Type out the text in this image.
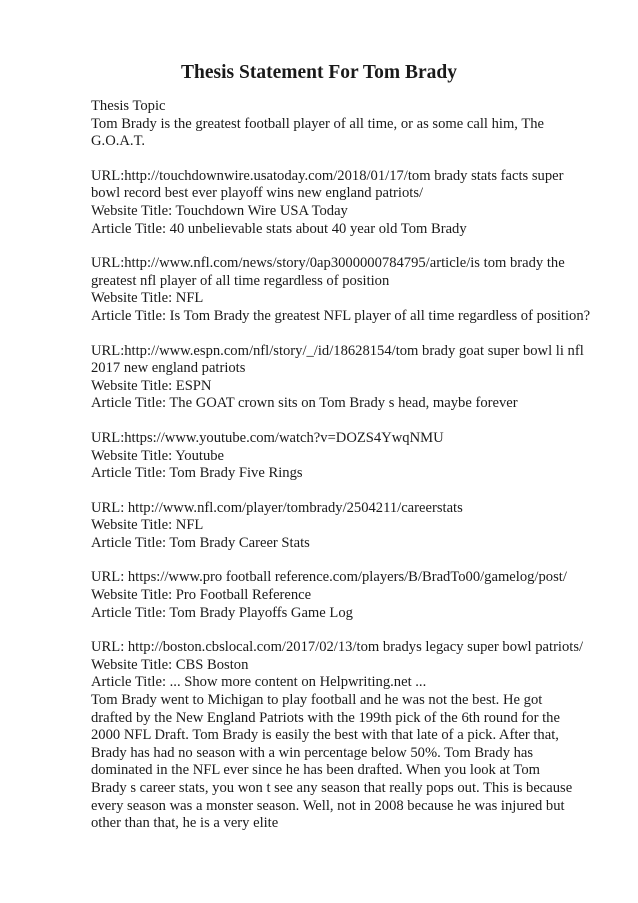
Thesis Statement For Tom Brady
Thesis Topic
Tom Brady is the greatest football player of all time, or as some call him, The
G.O.A.T.
URL:http://touchdownwire.usatoday.com/2018/01/17/tom brady stats facts super
bowl record best ever playoff wins new england patriots/
Website Title: Touchdown Wire USA Today
Article Title: 40 unbelievable stats about 40 year old Tom Brady
URL:http://www.nfl.com/news/story/0ap3000000784795/article/is tom brady the
greatest nfl player of all time regardless of position
Website Title: NFL
Article Title: Is Tom Brady the greatest NFL player of all time regardless of position?
URL:http://www.espn.com/nfl/story/_/id/18628154/tom brady goat super bowl li nfl
2017 new england patriots
Website Title: ESPN
Article Title: The GOAT crown sits on Tom Brady s head, maybe forever
URL:https://www.youtube.com/watch?v=DOZS4YwqNMU
Website Title: Youtube
Article Title: Tom Brady Five Rings
URL: http://www.nfl.com/player/tombrady/2504211/careerstats
Website Title: NFL
Article Title: Tom Brady Career Stats
URL: https://www.pro football reference.com/players/B/BradTo00/gamelog/post/
Website Title: Pro Football Reference
Article Title: Tom Brady Playoffs Game Log
URL: http://boston.cbslocal.com/2017/02/13/tom bradys legacy super bowl patriots/
Website Title: CBS Boston
Article Title: ... Show more content on Helpwriting.net ...
Tom Brady went to Michigan to play football and he was not the best. He got
drafted by the New England Patriots with the 199th pick of the 6th round for the
2000 NFL Draft. Tom Brady is easily the best with that late of a pick. After that,
Brady has had no season with a win percentage below 50%. Tom Brady has
dominated in the NFL ever since he has been drafted. When you look at Tom
Brady s career stats, you won t see any season that really pops out. This is because
every season was a monster season. Well, not in 2008 because he was injured but
other than that, he is a very elite
